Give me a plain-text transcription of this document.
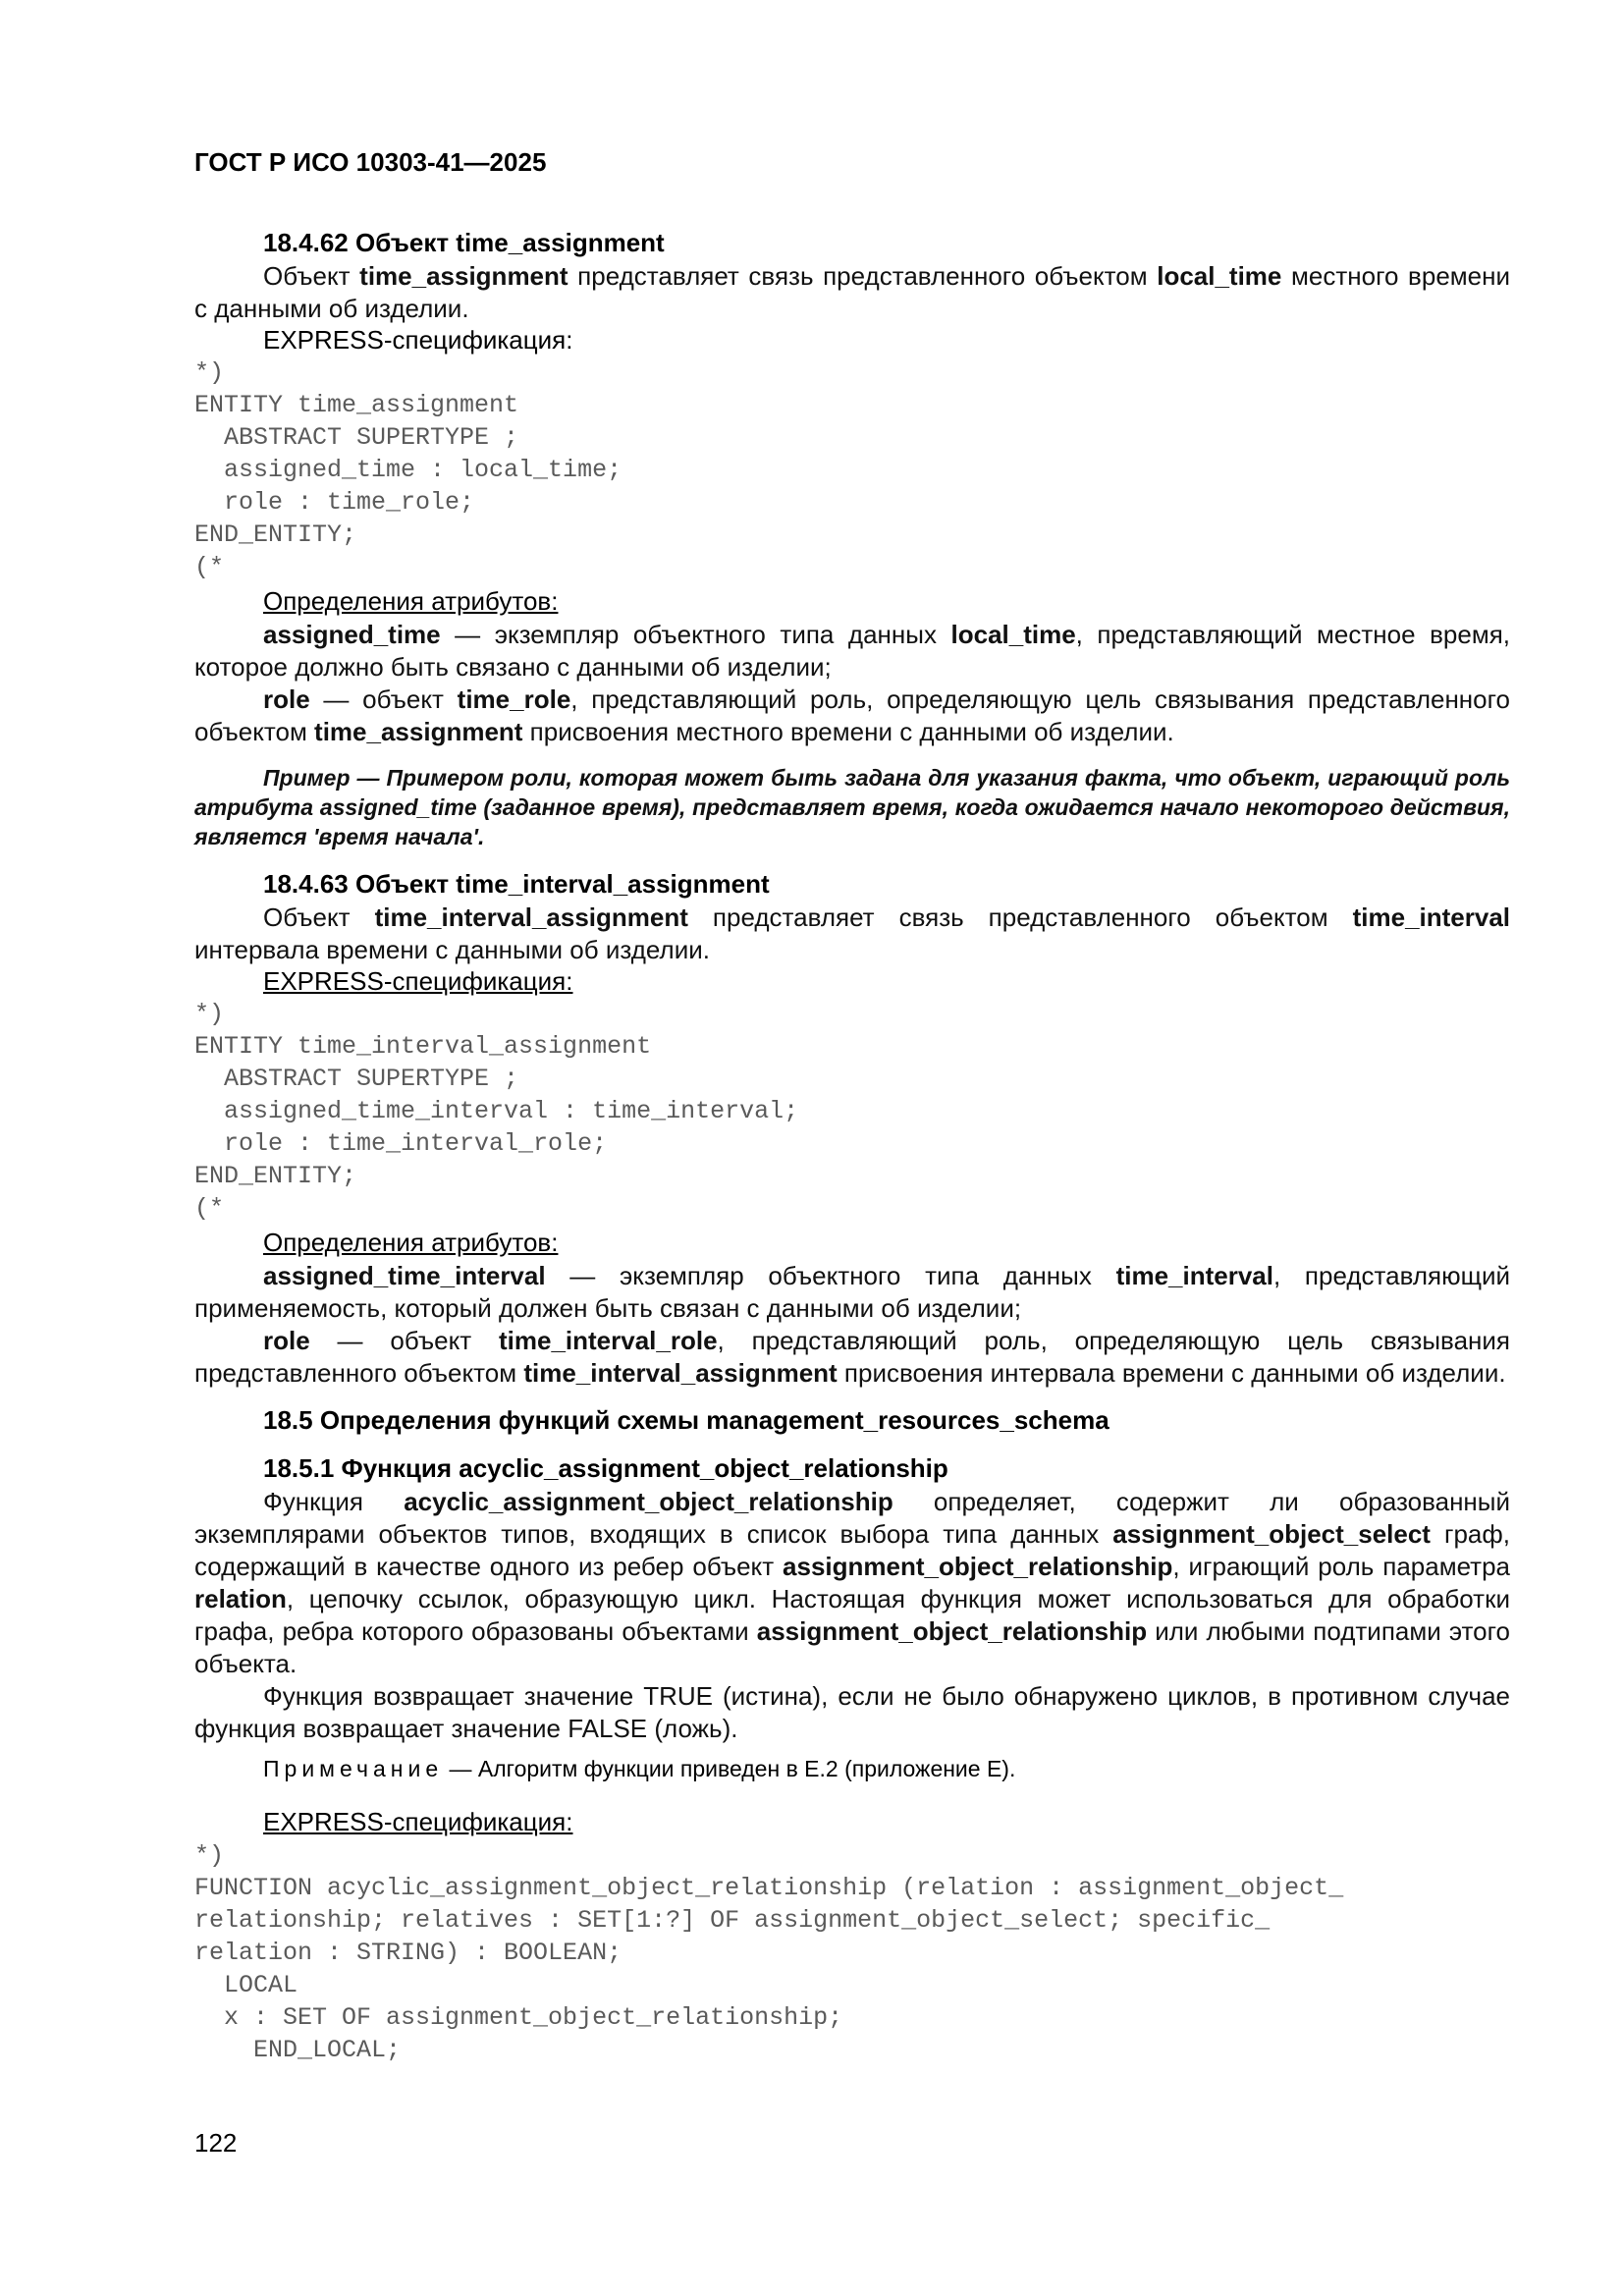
ГОСТ Р ИСО 10303-41—2025
18.4.62 Объект time_assignment
Объект time_assignment представляет связь представленного объектом local_time местного времени с данными об изделии.
EXPRESS-спецификация:
*)
ENTITY time_assignment
ABSTRACT SUPERTYPE ;
assigned_time : local_time;
role : time_role;
END_ENTITY;
(*
Определения атрибутов:
assigned_time — экземпляр объектного типа данных local_time, представляющий местное время, которое должно быть связано с данными об изделии;
role — объект time_role, представляющий роль, определяющую цель связывания представленного объектом time_assignment присвоения местного времени с данными об изделии.
Пример — Примером роли, которая может быть задана для указания факта, что объект, играющий роль атрибута assigned_time (заданное время), представляет время, когда ожидается начало некоторого действия, является 'время начала'.
18.4.63 Объект time_interval_assignment
Объект time_interval_assignment представляет связь представленного объектом time_interval интервала времени с данными об изделии.
EXPRESS-спецификация:
*)
ENTITY time_interval_assignment
ABSTRACT SUPERTYPE ;
assigned_time_interval : time_interval;
role : time_interval_role;
END_ENTITY;
(*
Определения атрибутов:
assigned_time_interval — экземпляр объектного типа данных time_interval, представляющий применяемость, который должен быть связан с данными об изделии;
role — объект time_interval_role, представляющий роль, определяющую цель связывания представленного объектом time_interval_assignment присвоения интервала времени с данными об изделии.
18.5 Определения функций схемы management_resources_schema
18.5.1 Функция acyclic_assignment_object_relationship
Функция acyclic_assignment_object_relationship определяет, содержит ли образованный экземплярами объектов типов, входящих в список выбора типа данных assignment_object_select граф, содержащий в качестве одного из ребер объект assignment_object_relationship, играющий роль параметра relation, цепочку ссылок, образующую цикл. Настоящая функция может использоваться для обработки графа, ребра которого образованы объектами assignment_object_relationship или любыми подтипами этого объекта.
Функция возвращает значение TRUE (истина), если не было обнаружено циклов, в противном случае функция возвращает значение FALSE (ложь).
Примечание — Алгоритм функции приведен в Е.2 (приложение Е).
EXPRESS-спецификация:
*)
FUNCTION acyclic_assignment_object_relationship (relation : assignment_object_
relationship; relatives : SET[1:?] OF assignment_object_select; specific_
relation : STRING) : BOOLEAN;
LOCAL
x : SET OF assignment_object_relationship;
END_LOCAL;
122
